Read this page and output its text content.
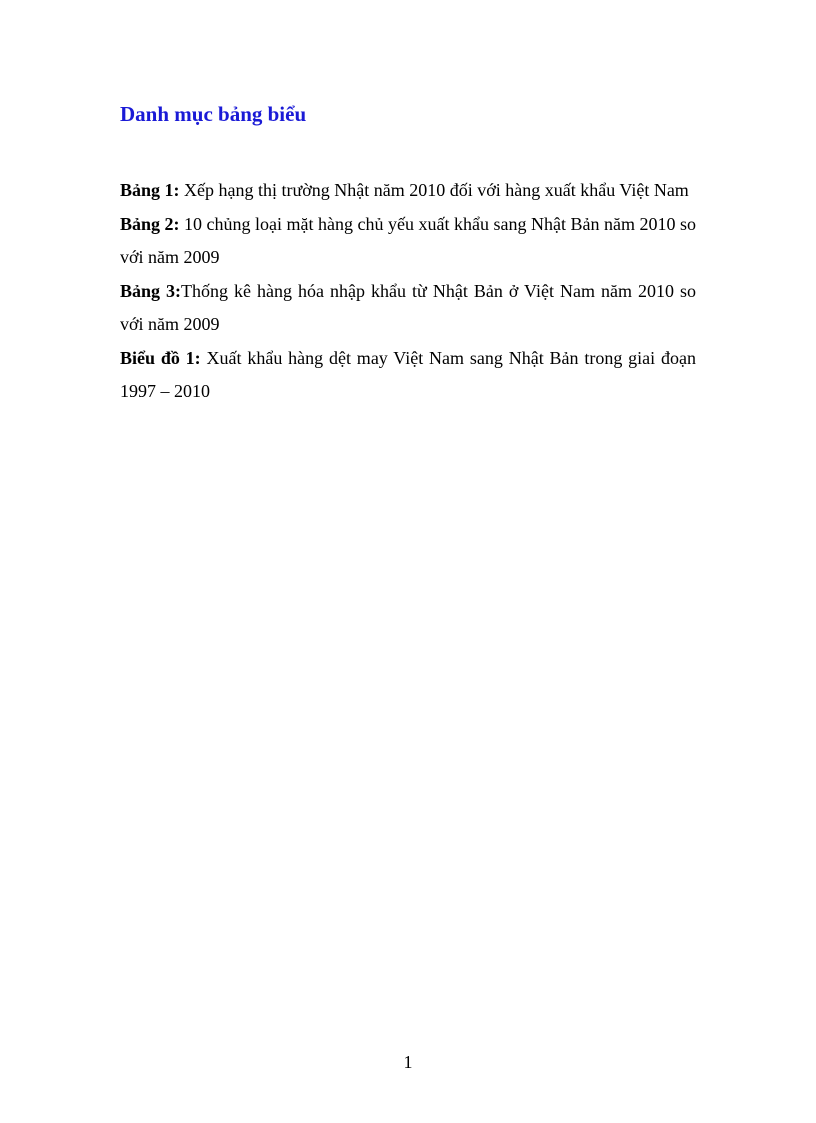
Danh mục bảng biểu
Bảng 1: Xếp hạng thị trường Nhật năm 2010 đối với hàng xuất khẩu Việt Nam
Bảng 2: 10 chủng loại mặt hàng chủ yếu xuất khẩu sang Nhật Bản năm 2010 so với năm 2009
Bảng 3:Thống kê hàng hóa nhập khẩu từ Nhật Bản ở Việt Nam năm 2010 so với năm 2009
Biểu đồ 1: Xuất khẩu hàng dệt may Việt Nam sang Nhật Bản trong giai đoạn 1997 – 2010
1
